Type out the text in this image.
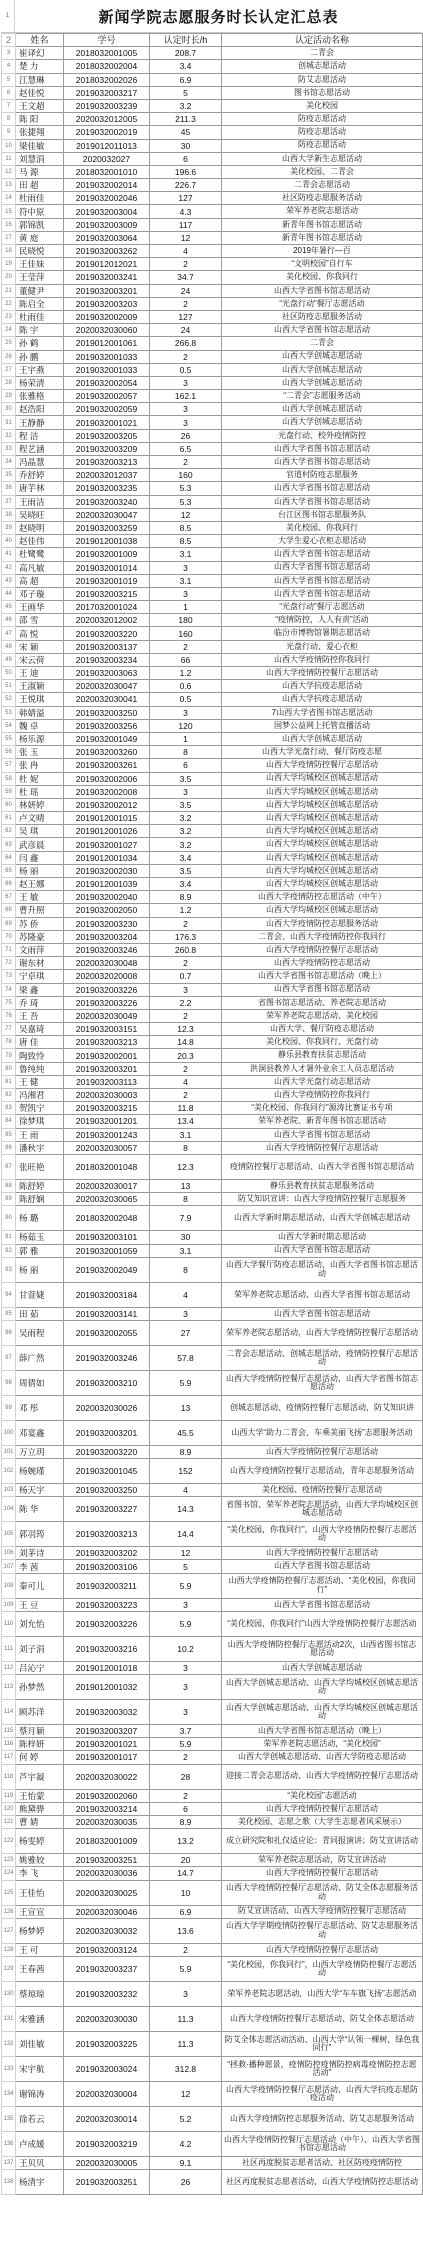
1	新闻学院志愿服务时长认定汇总表
2	姓名	学号	认定时长/h	认定活动名称
3	崔译幻	2018032001005	208.7	二青会
4	楚 力	2018032002004	3.4	创城志愿活动
5	江慧琳	2018032002026	6.9	防艾志愿活动
6	赵佳悦	2019032003217	5	图书馆志愿活动
7	王文超	2019032003239	3.2	美化校园
8	陈 阳	2020032012005	211.3	防疫志愿活动
9	张捷翔	2019032002019	45	防疫志愿活动
10	梁佳敏	2019012011013	30	防疫志愿活动
11	刘慧涓	2020032027	6	山西大学新生志愿活动
12	马 源	2018032001010	196.6	美化校园、二青会
13	田 超	2019032002014	226.7	二青会志愿活动
14	杜雨佳	2019032002046	127	社区防疫志愿服务活动
15	符中原	2019032003004	4.3	荣军养老院志愿活动
16	郭锦凯	2019032003009	117	新青年图书馆志愿活动
17	黄 庭	2019032003064	12	新青年图书馆志愿活动
18	民晓悦	2019032003262	4	2019年暑行—百
19	王佳妹	2019012012021	2	“文明校园”自行车
20	王莹萍	2019032003241	34.7	美化校园、你我同行
21	董健尹	2019032003201	24	山西大学省图书馆志愿活动
22	陈启全	2019032003203	2	“光盘行动”餐厅志愿活动
23	杜雨佳	2019032002009	127	社区防疫志愿服务活动
24	陈 宇	2020032030060	24	山西大学省图书馆志愿活动
25	孙 鹤	2019012001061	266.8	二青会
26	孙 鹏	2019032001033	2	山西大学创城志愿活动
27	王宇燕	2019032001033	0.5	山西大学创城志愿活动
28	杨荣清	2019032002054	3	山西大学创城志愿活动
29	张雅格	2019032002057	162.1	“二青会”志愿服务活动
30	赵浩阳	2019032002059	3	山西大学创城志愿活动
31	王静静	2019032001021	3	山西大学创城志愿活动
32	程 洁	2019032003205	26	光盘行动、校外疫情防控
33	程艺涵	2019032003209	6.5	山西大学省图书馆志愿活动
34	冯晶慧	2019032003213	2	山西大学省图书馆志愿活动
35	乔舒婷	2020032012037	160	官道村防疫志愿服务
36	唐芋林	2019032003235	5.3	山西大学省图书馆志愿活动
37	王雨洁	2019032003240	5.3	山西大学省图书馆志愿活动
38	吴晓旺	2020032030047	12	台江区图书馆志愿服务队
39	赵晓明	2019032003259	8.5	美化校园、你我同行
40	赵佳伟	2019012001038	8.5	大学生爱心衣柜志愿活动
41	杜鹭鹭	2019032001009	3.1	山西大学省图书馆志愿活动
42	高凡敏	2019032001014	3	山西大学省图书馆志愿活动
43	高 超	2019032001019	3.1	山西大学省图书馆志愿活动
44	邓子璇	2019032003215	3	山西大学省图书馆志愿活动
45	王画华	2017032001024	1	“光盘行动”餐厅志愿活动
46	邵 雪	2020032012002	180	“疫情防控，人人有责”活动
47	高 悦	2019032003220	160	临汾市博物馆暑期志愿活动
48	宋 颖	2019032003137	2	光盘行动、爱心衣柜
49	宋云荷	2019032003234	66	山西大学疫情防控你我同行
50	王 迪	2019032003063	1.2	山西大学疫情防控餐厅志愿活动
51	王淑颖	2020032030047	0.6	山西大学抗疫志愿活动
52	王悦琪	2020032030041	0.5	山西大学抗疫志愿活动
53	韩婧溢	2019032003250	3	7山西大学省图书馆志愿活动
54	魏 卓	2019032003256	120	国梦公益网上托管直播活动
55	杨乐源	2019032001049	1	山西大学创城志愿活动
56	张 玉	2019032003260	8	山西大学光盘行动、餐厅防疫志愿
57	张 冉	2019032003261	6	山西大学疫情防控餐厅志愿活动
58	杜 妮	2019032002006	3.5	山西大学均城校区创城志愿活动
59	杜 瑶	2019032002008	3	山西大学均城校区创城志愿活动
60	林妍婷	2019032002012	3.5	山西大学均城校区创城志愿活动
61	卢文晴	2019012001015	3.2	山西大学均城校区创城志愿活动
62	吴 琪	2019012001026	3.2	山西大学均城校区创城志愿活动
63	武彦晨	2019032001027	3.2	山西大学均城校区创城志愿活动
64	闫 鑫	2019012001034	3.4	山西大学均城校区创城志愿活动
65	杨 丽	2019032002030	3.5	山西大学均城校区创城志愿活动
66	赵王娜	2019012001039	3.4	山西大学均城校区创城志愿活动
67	王 敏	2019032002040	8.9	山西大学疫情防控志愿活动（中午）
68	曹升照	2019032002050	1.2	山西大学均城校区创城志愿活动
69	苏 侨	2019032003230	2	山西大学疫情防控志愿服务活动
70	苏隆豪	2019032003204	176.3	二青会、山西大学疫情防控你我同行
71	文雨萍	2019032003246	260.8	山西大学疫情防控餐厅志愿活动
72	谢东材	2020032030048	2	山西大学疫情防控志愿活动
73	宁卓琪	2020032020008	0.7	山西大学省图书馆志愿活动（晚上）
74	梁 鑫	2019032003226	3	山西大学省图书馆志愿活动
75	乔 琦	2019032003226	2.2	省图书馆志愿活动、养老院志愿活动
76	王 吾	2020032030049	2	荣军养老院志愿活动、美化校园
77	吴嘉琦	2019032003151	12.3	山西大学、餐厅防疫志愿活动
78	唐 佳	2019032003213	14.8	美化校园、你我同行、光盘行动
79	陶致怜	2019032002001	20.3	静乐县教育扶贫志愿活动
80	鲁纯纯	2019032003201	2	洪洞县教养人才暑外业余工人员志愿活动
81	王 健	2019032003113	4	山西大学光盘行动志愿活动
82	冯湘君	2020032030003	2	山西大学疫情防控你我同行
83	贺凯宁	2019032003215	11.8	“美化校园、你我同行”源涛比赛证书专项
84	徐梦琪	2019032001201	13.4	荣军养老院、新青年图书馆志愿活动
85	王 雨	2019032001243	3.1	山西大学省图书馆志愿活动
86	潘秋宇	2020032030057	8	山西大学疫情防控餐厅志愿活动
87	张旺艳	2018032001048	12.3	疫情防控餐厅志愿活动、山西大学省图书馆志愿活动
88	陈舒婷	2020032030017	13	静乐县教育扶贫志愿服务活动
89	陈舒娴	2020032030065	8	防艾知识宣讲：山西大学疫情防控餐厅志愿服务
90	杨 璐	2018032002048	7.9	山西大学新时期志愿活动，山西大学创城志愿活动
91	杨茹玉	2019032003101	30	山西大学新时期志愿活动
92	郭 雅	2019032001059	3.1	山西大学省图书馆志愿活动
93	杨 丽	2019032002049	8	山西大学餐厅防疫志愿活动，山西大学省图书馆志愿活动
94	甘萱婕	2019032003184	4	荣军养老院志愿活动、山西大学省图书馆志愿活动
95	田 茹	2019032003141	3	山西大学省图书馆志愿活动
96	吴雨程	2019032002055	27	荣军养老院志愿活动，山西大学疫情防控餐厅志愿活动
97	薛广然	2019032003246	57.8	二青会志愿活动、创城志愿活动，疫情防控餐厅志愿活动
98	周倩如	2019032003210	5.9	山西大学疫情防控餐厅志愿活动，山西大学省图书馆志愿活动
99	邓 彤	2020032030026	13	创城志愿活动、疫情防控餐厅志愿活动，防艾知识讲
100	邓宴鑫	2019032003201	45.5	山西大学“助力二青会，车乘美丽飞扬”志愿服务活动
101	万立玥	2019032003220	8.9	山西大学疫情防控餐厅志愿活动
102	杨婉瑾	2019032001045	152	山西大学疫情防控餐厅志愿活动，青年志愿服务活动
103	杨天宇	2019032003250	4	美化校园、疫情防控餐厅志愿活动
104	陈 华	2019032003227	14.3	省图书馆、荣军养老院志愿活动、山西大学均城校区创城志愿活动
105	郭羽筠	2019032003213	14.4	“美化校园，你我同行”，山西大学疫情防控餐厅志愿活动
106	刘茅诗	2019032003202	12	山西大学疫情防控餐厅志愿活动
107	李 茜	2019032003106	5	山西大学省图书馆志愿活动
108	秦可儿	2019032003211	5.9	山西大学疫情防控餐厅志愿活动、“美化校园，你我同行”
109	王 豆	2019032003223	3	山西大学省图书馆志愿活动
110	刘允怡	2019032003226	5.9	“美化校园，你我同行”山西大学疫情防控餐厅志愿活动
111	刘子涓	2019032003216	10.2	山西大学疫情防控餐厅志愿活动2次，山西省图书馆志愿活动
112	吕沁宁	2019012001018	3	山西大学创城志愿活动
113	孙梦然	2019012001032	3	山西大学创城志愿活动、山西大学均城校区创城志愿活动
114	顾苏洋	2019032003032	3	山西大学创城志愿活动、山西大学均城校区创城志愿活动
115	蔡月颖	2019032003207	3.7	山西大学省图书馆志愿活动（晚上）
116	陈梓妍	2019032001021	5.9	荣军养老院志愿活动，“美化校园”
117	何 婷	2019032001017	2	山西大学创城志愿活动、山西大学防疫志愿活动
118	芦宇凝	2020032030022	28	迎接二青会志愿活动、山西大学疫情防控餐厅志愿活动
119	王怡蒙	2019032002060	2	“美化校园”志愿活动
120	熊黛骅	2019032003214	6	山西大学疫情防控餐厅志愿活动
121	曹 婧	2020032030035	8.9	美化校园、志愿之歌（大学生志愿者风采展示）
122	杨雯婷	2018032001009	13.2	成立研究院和扎仅适应论：青同报演讲；防艾宣讲活动
123	姚雅姣	2019032003251	20	荣军养老院志愿活动，防艾宣讲活动
124	李 飞	2020032030036	14.7	山西大学疫情防控餐厅志愿活动
125	王佳怡	2020032030025	10	山西大学疫情防控餐厅志愿活动、防艾全体志愿服务活动
126	王宣宣	2020032030046	6.9	防艾宣讲活动、山西大学疫情防控餐厅志愿活动
127	杨梦婷	2020032030032	13.6	山西大学学期疫情防控餐厅志愿活动、防艾志愿服务活动
128	王 可	2019032003124	2	山西大学疫情防控餐厅志愿活动
129	王春茜	2019032003237	5.9	“美化校园，你我同行”，山西大学疫情防控餐厅志愿活动
130	蔡琼琼	2019032003232	3	荣军养老院志愿活动，山西大学“车车旗飞扬”志愿活动
131	宋雅涵	2020032030030	11.3	山西大学疫情防控餐厅志愿活动、防艾全体志愿活动
132	刘佳敏	2019032003225	11.3	防艾全体志愿活动活动、山西大学“认领一棵树，绿色我同行”
133	宋宇航	2019032003024	312.8	“拯救·播种愿景，疫情防控疫情防控病毒疫情防控志愿活动”
134	谢锦涛	2020032030004	12	山西大学疫情防控餐厅志愿活动，山西大学抗疫志愿防疫活动
135	徐若云	2020032030014	5.2	山西大学疫情防控志愿服务活动、防艾志愿服务活动
136	卢成媛	2019032003219	4.2	山西大学疫情防控餐厅志愿活动（中午）、山西大学省图书馆志愿活动
137	王贝贝	2020032030005	9.1	社区再度脱贫志愿者活动、社区防疫疫情防控
138	杨清宇	2019032003251	26	社区再度脱贫志愿者活动，山西大学疫情防控志愿活动
